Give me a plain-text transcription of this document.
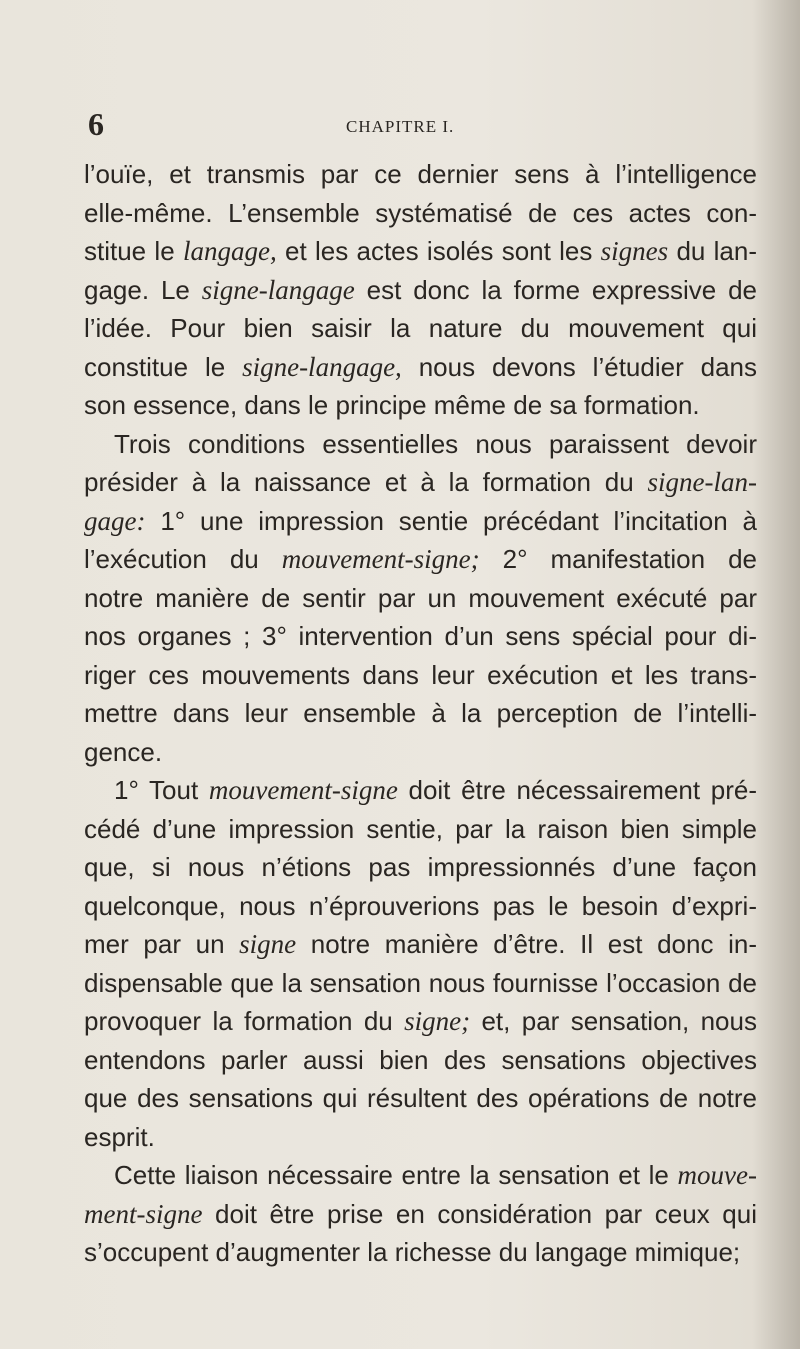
6	CHAPITRE I.
l’ouïe, et transmis par ce dernier sens à l’intelligence
elle-même. L’ensemble systématisé de ces actes con-
stitue le langage, et les actes isolés sont les signes du lan-
gage. Le signe-langage est donc la forme expressive de
l’idée. Pour bien saisir la nature du mouvement qui
constitue le signe-langage, nous devons l’étudier dans
son essence, dans le principe même de sa formation.
Trois conditions essentielles nous paraissent devoir
présider à la naissance et à la formation du signe-lan-
gage: 1° une impression sentie précédant l’incitation à
l’exécution du mouvement-signe; 2° manifestation de
notre manière de sentir par un mouvement exécuté par
nos organes ; 3° intervention d’un sens spécial pour di-
riger ces mouvements dans leur exécution et les trans-
mettre dans leur ensemble à la perception de l’intelli-
gence.
1° Tout mouvement-signe doit être nécessairement pré-
cédé d’une impression sentie, par la raison bien simple
que, si nous n’étions pas impressionnés d’une façon
quelconque, nous n’éprouverions pas le besoin d’expri-
mer par un signe notre manière d’être. Il est donc in-
dispensable que la sensation nous fournisse l’occasion de
provoquer la formation du signe; et, par sensation, nous
entendons parler aussi bien des sensations objectives
que des sensations qui résultent des opérations de notre
esprit.
Cette liaison nécessaire entre la sensation et le mouve-
ment-signe doit être prise en considération par ceux qui
s’occupent d’augmenter la richesse du langage mimique;
